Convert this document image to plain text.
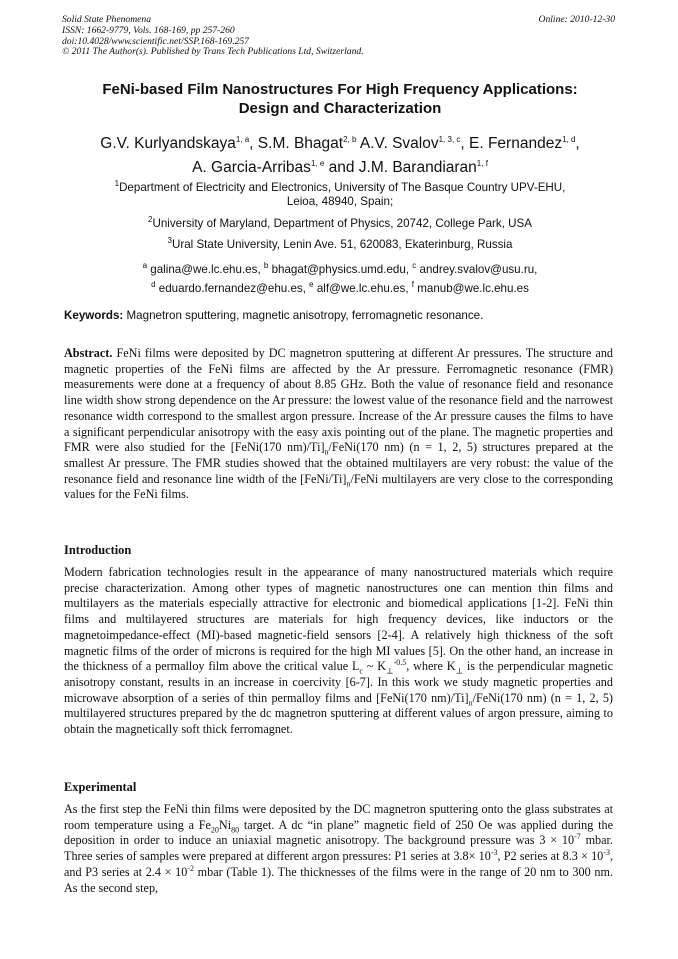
Solid State Phenomena	Online: 2010-12-30
ISSN: 1662-9779, Vols. 168-169, pp 257-260
doi:10.4028/www.scientific.net/SSP.168-169.257
© 2011 The Author(s). Published by Trans Tech Publications Ltd, Switzerland.
FeNi-based Film Nanostructures For High Frequency Applications:
Design and Characterization
G.V. Kurlyandskaya$^{1, a}$, S.M. Bhagat$^{2, b}$ A.V. Svalov$^{1, 3, c}$, E. Fernandez$^{1, d}$,
A. Garcia-Arribas$^{1, e}$ and J.M. Barandiaran$^{1, f}$
$^1$Department of Electricity and Electronics, University of The Basque Country UPV-EHU,
Leioa, 48940, Spain;
$^2$University of Maryland, Department of Physics, 20742, College Park, USA
$^3$Ural State University, Lenin Ave. 51, 620083, Ekaterinburg, Russia
$^a$ galina@we.lc.ehu.es, $^b$ bhagat@physics.umd.edu, $^c$ andrey.svalov@usu.ru,
$^d$ eduardo.fernandez@ehu.es, $^e$ alf@we.lc.ehu.es, $^f$ manub@we.lc.ehu.es
Keywords: Magnetron sputtering, magnetic anisotropy, ferromagnetic resonance.

Abstract. FeNi films were deposited by DC magnetron sputtering at different Ar pressures. The structure and magnetic properties of the FeNi films are affected by the Ar pressure. Ferromagnetic resonance (FMR) measurements were done at a frequency of about 8.85 GHz. Both the value of resonance field and resonance line width show strong dependence on the Ar pressure: the lowest value of the resonance field and the narrowest resonance width correspond to the smallest argon pressure. Increase of the Ar pressure causes the films to have a significant perpendicular anisotropy with the easy axis pointing out of the plane. The magnetic properties and FMR were also studied for the [FeNi(170 $nm)/Ti]_n/FeNi(170$ nm) (n = 1, 2, 5) structures prepared at the smallest Ar pressure. The FMR studies showed that the obtained multilayers are very robust: the value of the resonance field and resonance line width of the $[FeNi/Ti]_n$/FeNi multilayers are very close to the corresponding values for the FeNi films.

Introduction

Modern fabrication technologies result in the appearance of many nanostructured materials which require precise characterization. Among other types of magnetic nanostructures one can mention thin films and multilayers as the materials especially attractive for electronic and biomedical applications [1-2]. FeNi thin films and multilayered structures are materials for high frequency devices, like inductors or the magnetoimpedance-effect (MI)-based magnetic-field sensors [2-4]. A relatively high thickness of the soft magnetic films of the order of microns is required for the high MI values [5]. On the other hand, an increase in the thickness of a permalloy film above the critical value $L_c$ ~ $K_\perp^{-0.5}$, where $K_\perp$ is the perpendicular magnetic anisotropy constant, results in an increase in coercivity [6-7]. In this work we study magnetic properties and microwave absorption of a series of thin permalloy films and [FeNi(170 $nm)/Ti]_n/FeNi(170$ nm) (n = 1, 2, 5) multilayered structures prepared by the dc magnetron sputtering at different values of argon pressure, aiming to obtain the magnetically soft thick ferromagnet.

Experimental

As the first step the FeNi thin films were deposited by the DC magnetron sputtering onto the glass substrates at room temperature using a $Fe_{20}Ni_{80}$ target. A dc “in plane” magnetic field of 250 Oe was applied during the deposition in order to induce an uniaxial magnetic anisotropy. The background pressure was $3 \times 10^{-7}$ mbar. Three series of samples were prepared at different argon pressures: P1 series at $3.8\times 10^{-3}$, P2 series at $8.3 \times 10^{-3}$, and P3 series at $2.4 \times 10^{-2}$ mbar (Table 1). The thicknesses of the films were in the range of 20 nm to 300 nm. As the second step,
